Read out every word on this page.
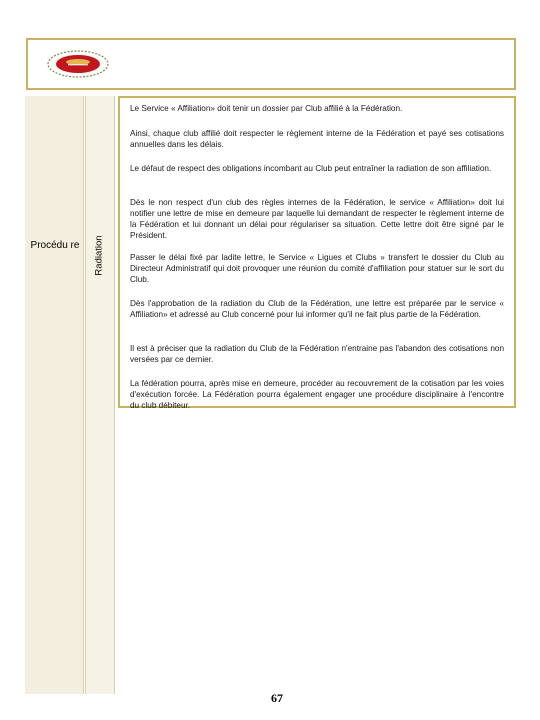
Procédu re Radiation

Le Service « Affiliation» doit tenir un dossier par Club affilié à la Fédération.

Ainsi, chaque club affilié doit respecter le règlement interne de la Fédération et payé ses cotisations annuelles dans les délais.

Le défaut de respect des obligations incombant au Club peut entraîner la radiation de son affiliation.

Dès le non respect d'un club des règles internes de la Fédération, le service « Affiliation» doit lui notifier une lettre de mise en demeure par laquelle lui demandant de respecter le règlement interne de la Fédération et lui donnant un délai pour régulariser sa situation. Cette lettre doit être signé par le Président.

Passer le délai fixé par ladite lettre, le Service « Ligues et Clubs » transfert le dossier du Club au Directeur Administratif qui doit provoquer une réunion du comité d'affiliation pour statuer sur le sort du Club.

Dès l'approbation de la radiation du Club de la Fédération, une lettre est préparée par le service « Affiliation» et adressé au Club concerné pour lui informer qu'il ne fait plus partie de la Fédération.

Il est à préciser que la radiation du Club de la Fédération n'entraine pas l'abandon des cotisations non versées par ce dernier.

La fédération pourra, après mise en demeure, procéder au recouvrement de la cotisation par les voies d'exécution forcée. La Fédération pourra également engager une procédure disciplinaire à l'encontre du club débiteur.

67
